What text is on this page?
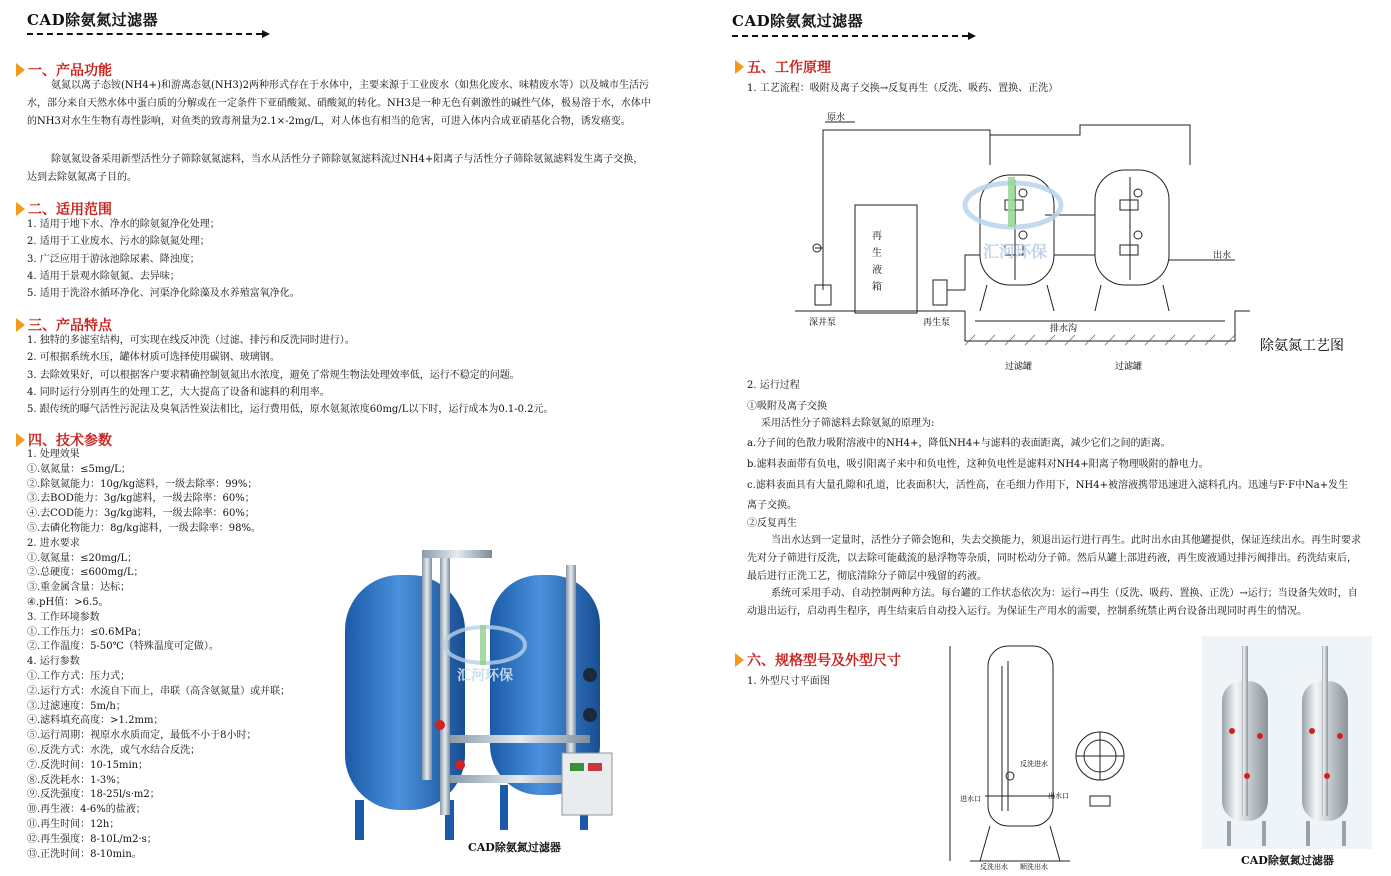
CAD除氨氮过滤器
一、产品功能
氨氮以离子态铵(NH4+)和游离态氨(NH3)2两种形式存在于水体中，主要来源于工业废水（如焦化废水、味精废水等）以及城市生活污水，部分来自天然水体中蛋白质的分解或在一定条件下亚硝酸氮、硝酸氮的转化。NH3是一种无色有刺激性的碱性气体，极易溶于水，水体中的NH3对水生生物有毒性影响，对鱼类的致毒剂量为2.1×-2mg/L，对人体也有相当的危害，可进入体内合成亚硝基化合物，诱发癌变。
除氨氮设备采用新型活性分子筛除氨氮滤料，当水从活性分子筛除氨氮滤料流过NH4+阳离子与活性分子筛除氨氮滤料发生离子交换，达到去除氨氮离子目的。
二、适用范围
1. 适用于地下水、净水的除氨氮净化处理；
2. 适用于工业废水、污水的除氨氮处理；
3. 广泛应用于游泳池除尿素、降浊度；
4. 适用于景观水除氨氮、去异味；
5. 适用于洗浴水循环净化、河渠净化除藻及水养殖富氧净化。
三、产品特点
1. 独特的多滤室结构，可实现在线反冲洗（过滤、排污和反洗同时进行）。
2. 可根据系统水压，罐体材质可选择使用碳钢、玻璃钢。
3. 去除效果好，可以根据客户要求精确控制氨氮出水浓度，避免了常规生物法处理效率低，运行不稳定的问题。
4. 同时运行分别再生的处理工艺，大大提高了设备和滤料的利用率。
5. 跟传统的曝气活性污泥法及臭氧活性炭法相比，运行费用低，原水氨氮浓度60mg/L以下时，运行成本为0.1-0.2元。
四、技术参数
1. 处理效果
①.氨氮量：≤5mg/L；
②.除氨氮能力：10g/kg滤料，一级去除率：99%；
③.去BOD能力：3g/kg滤料，一级去除率：60%；
④.去COD能力：3g/kg滤料，一级去除率：60%；
⑤.去磷化物能力：8g/kg滤料，一级去除率：98%。
2. 进水要求
①.氨氮量：≤20mg/L；
②.总硬度：≤600mg/L；
③.重金属含量：达标；
④.pH值：>6.5。
3. 工作环境参数
①.工作压力：≤0.6MPa；
②.工作温度：5-50℃（特殊温度可定做）。
4. 运行参数
①.工作方式：压力式；
②.运行方式：水流自下而上，串联（高含氨氮量）或并联；
③.过滤速度：5m/h；
④.滤料填充高度：>1.2mm；
⑤.运行周期：视原水水质而定，最低不小于8小时；
⑥.反洗方式：水洗，或气水结合反洗；
⑦.反洗时间：10-15min；
⑧.反洗耗水：1-3%；
⑨.反洗强度：18-25l/s·m2；
⑩.再生液：4-6%的盐液；
⑪.再生时间：12h；
⑫.再生强度：8-10L/m2·s；
⑬.正洗时间：8-10min。
汇河环保
CAD除氨氮过滤器
CAD除氨氮过滤器
五、工作原理
1. 工艺流程：吸附及离子交换→反复再生（反洗、吸药、置换、正洗）
汇河环保
原水
出水
深井泵	再生泵
排水沟
过滤罐	过滤罐
除氨氮工艺图
再生液箱
2. 运行过程
①吸附及离子交换
采用活性分子筛滤料去除氨氮的原理为:
a.分子间的色散力吸附溶液中的NH4+，降低NH4+与滤料的表面距离，减少它们之间的距离。
b.滤料表面带有负电，吸引阳离子来中和负电性，这种负电性是滤料对NH4+阳离子物理吸附的静电力。
c.滤料表面具有大量孔隙和孔道，比表面积大，活性高，在毛细力作用下，NH4+被溶液携带迅速进入滤料孔内。迅速与F·F中Na+发生离子交换。
②反复再生
当出水达到一定量时，活性分子筛会饱和，失去交换能力，须退出运行进行再生。此时出水由其他罐提供，保证连续出水。再生时要求先对分子筛进行反洗，以去除可能截流的悬浮物等杂质，同时松动分子筛。然后从罐上部进药液，再生废液通过排污阀排出。药洗结束后，最后进行正洗工艺，彻底清除分子筛层中残留的药液。
系统可采用手动、自动控制两种方法。每台罐的工作状态依次为：运行→再生（反洗、吸药、置换、正洗）→运行；当设备失效时，自动退出运行，启动再生程序，再生结束后自动投入运行。为保证生产用水的需要，控制系统禁止两台设备出现同时再生的情况。
六、规格型号及外型尺寸
1. 外型尺寸平面图
进水口
反洗进水
出水口
反洗出水 顺洗出水	CAD除氨氮过滤器
